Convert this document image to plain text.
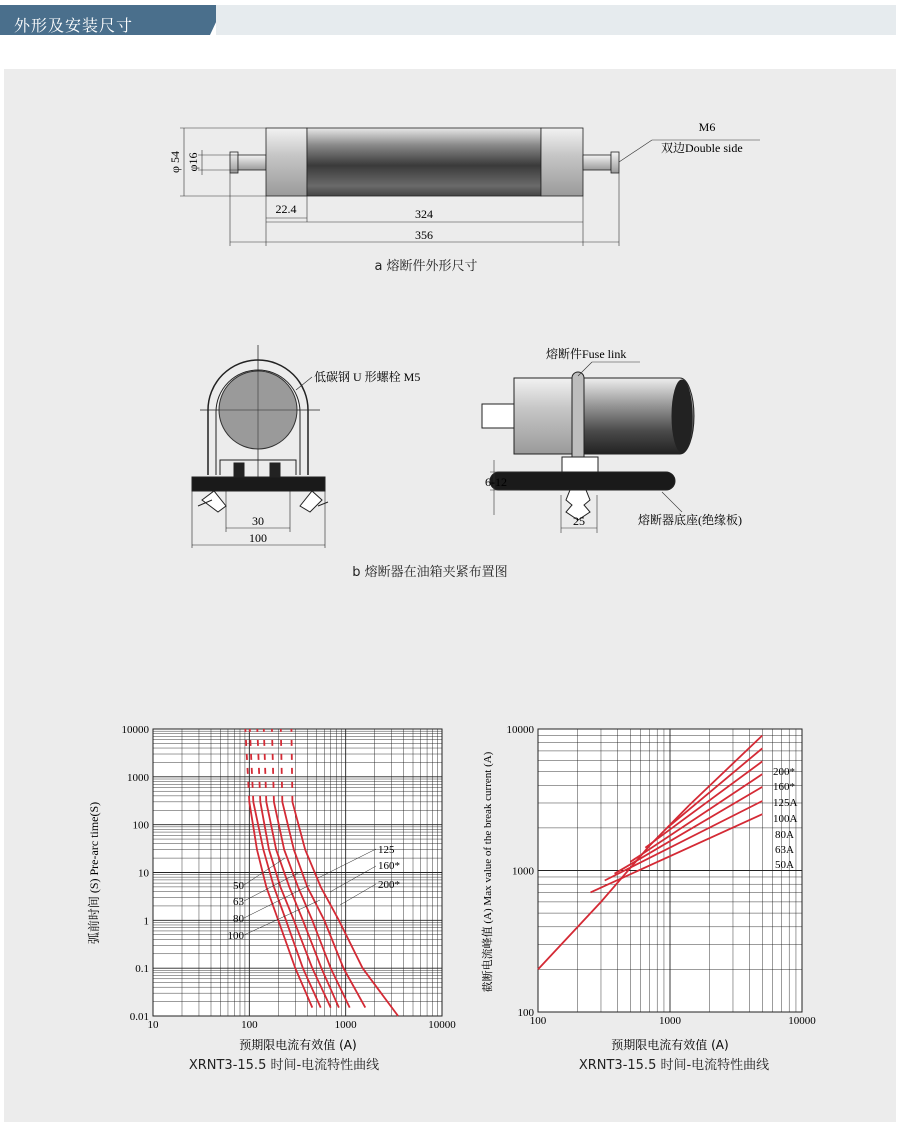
外形及安装尺寸
φ 54 φ16
22.4	324
356
M6
双边Double side
a 熔断件外形尺寸
低碳钢 U 形螺栓 M5
30
100
熔断件Fuse link
6-12
25	熔断器底座(绝缘板)
b 熔断器在油箱夹紧布置图
50
63
80
100
125
160*
200*
10	100	1000	10000
10000
1000
100
10
1
0.1
0.01
弧前时间 (S) Pre-arc time(S)
预期限电流有效值 (A)
XRNT3-15.5 时间-电流特性曲线
200*
160*
125A
100A
80A
63A
50A
100	1000	10000
10000
1000
100
截断电流峰值 (A) Max value of the break current (A)
预期限电流有效值 (A)
XRNT3-15.5 时间-电流特性曲线
